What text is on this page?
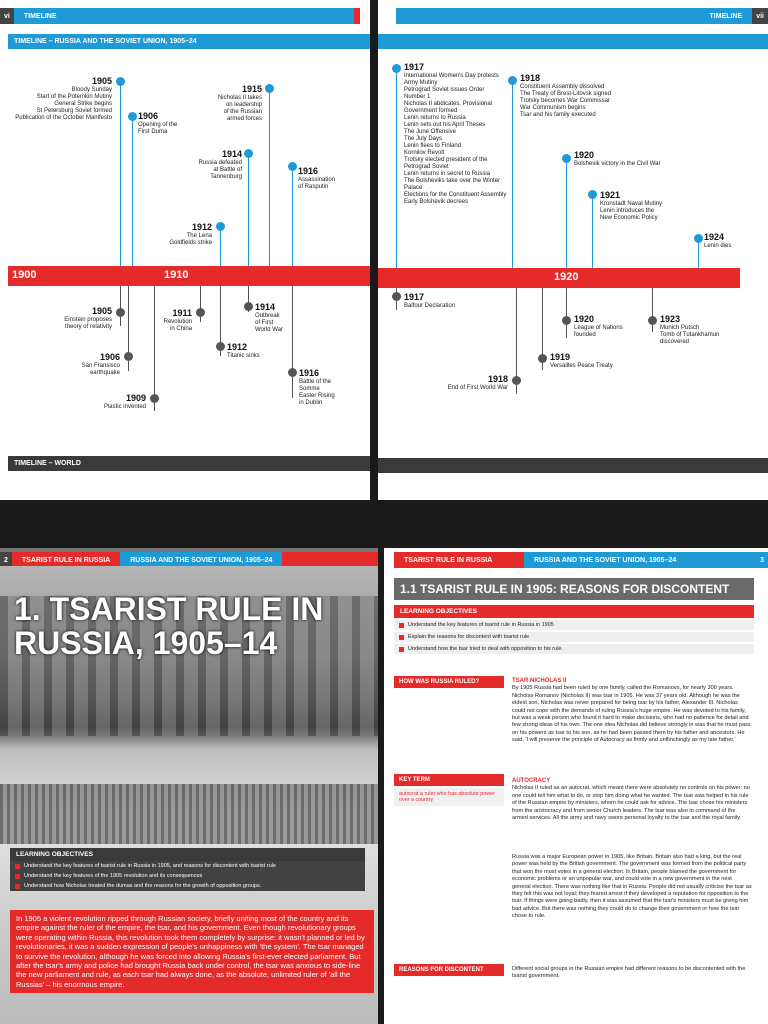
vi	TIMELINE
TIMELINE – RUSSIA AND THE SOVIET UNION, 1905–24
1905
Bloody Sunday
Start of the Potemkin Mutiny
General Strike begins
St Petersburg Soviet formed
Publication of the October Manifesto	1906
Opening of the
First Duma
1915
Nicholas II takes
on leadership
of the Russian
armed forces
1914
Russia defeated
at Battle of
Tannenburg
1916
Assassination
of Rasputin
1912
The Lena
Goldfields strike
1900	1910
1905
Einstein proposes
theory of relativity
1911
Revolution
in China
1914
Outbreak
of First
World War
1912
Titanic sinks
1906
San Fransisco
earthquake	1916
Battle of the
Somme
Easter Rising
in Dublin
1909
Plastic invented
TIMELINE – WORLD
TIMELINE	vii
1917
International Women's Day protests
Army Mutiny
Petrograd Soviet issues Order
Number 1
Nicholas II abdicates. Provisional
Government formed
Lenin returns to Russia
Lenin sets out his April Theses
The June Offensive
The July Days
Lenin flees to Finland
Kornilov Revolt
Trotsky elected president of the
Petrograd Soviet
Lenin returns in secret to Russia
The Bolsheviks take over the Winter
Palace
Elections for the Constituent Assembly
Early Bolshevik decrees
1918
Constituent Assembly dissolved
The Treaty of Brest-Litovsk signed
Trotsky becomes War Commissar
War Communism begins
Tsar and his family executed
1920
Bolshevik victory in the Civil War
1921
Kronstadt Naval Mutiny
Lenin introduces the
New Economic Policy
1924
Lenin dies
1920
1917
Balfour Declaration
1920
League of Nations
founded
1923
Munich Putsch
Tomb of Tutankhamun
discovered
1919
Versailles Peace Treaty
1918
End of First World War
2	TSARIST RULE IN RUSSIA	RUSSIA AND THE SOVIET UNION, 1905–24
1. TSARIST RULE IN
RUSSIA, 1905–14
LEARNING OBJECTIVES
Understand the key features of tsarist rule in Russia in 1905, and reasons for discontent with tsarist rule
Understand the key features of the 1905 revolution and its consequences
Understand how Nicholas treated the dumas and the reasons for the growth of opposition groups.
In 1905 a violent revolution ripped through Russian society, briefly uniting most of the country and its empire against the ruler of the empire, the tsar, and his government. Even though revolutionary groups were operating within Russia, this revolution took them completely by surprise: it wasn't planned or led by revolutionaries, it was a sudden expression of people's unhappiness with 'the system'. The tsar managed to survive the revolution, although he was forced into allowing Russia's first-ever elected parliament. But after the tsar's army and police had brought Russia back under control, the tsar was anxious to side-line the new parliament and rule, as each tsar had always done, as the absolute, unlimited ruler of 'all the Russias' – his enormous empire.
TSARIST RULE IN RUSSIA	RUSSIA AND THE SOVIET UNION, 1905–24	3
1.1 TSARIST RULE IN 1905: REASONS FOR DISCONTENT
LEARNING OBJECTIVES
Understand the key features of tsarist rule in Russia in 1905
Explain the reasons for discontent with tsarist rule
Understand how the tsar tried to deal with opposition to his rule.
HOW WAS RUSSIA RULED?	TSAR NICHOLAS II
By 1905 Russia had been ruled by one family, called the Romanovs, for nearly 300 years. Nicholas Romanov (Nicholas II) was tsar in 1905. He was 37 years old. Although he was the eldest son, Nicholas was never prepared for being tsar by his father, Alexander III. Nicholas could not cope with the demands of ruling Russia's huge empire. He was devoted to his family, but was a weak person who found it hard to make decisions, who had no patience for detail and few strong ideas of his own. The one idea Nicholas did believe strongly in was that he must pass on his powers as tsar to his son, as he had been passed them by his father and ancestors. He said, 'I will preserve the principle of Autocracy as firmly and unflinchingly as my late father.'
KEY TERM
autocrat a ruler who has absolute power over a country
AUTOCRACY
Nicholas II ruled as an autocrat, which meant there were absolutely no controls on his power: no one could tell him what to do, or stop him doing what he wanted. The tsar was helped in his rule of the Russian empire by ministers, whom he could ask for advice. The tsar chose his ministers from the aristocracy and from senior Church leaders. The tsar was also in command of the armed services. All the army and navy swore personal loyalty to the tsar and the royal family.
Russia was a major European power in 1905, like Britain. Britain also had a king, but the real power was held by the British government. The government was formed from the political party that won the most votes in a general election. In Britain, people blamed the government for economic problems or an unpopular war, and could vote in a new government in the next general election. There was nothing like that in Russia. People did not usually criticise the tsar as they felt this was not loyal; they feared arrest if they developed a reputation for opposition to the tsar. If things were going badly, then it was assumed that the tsar's ministers must be giving him bad advice. But there was nothing they could do to change their government or how the tsar chose to rule.
REASONS FOR DISCONTENT	Different social groups in the Russian empire had different reasons to be discontented with the tsarist government.
